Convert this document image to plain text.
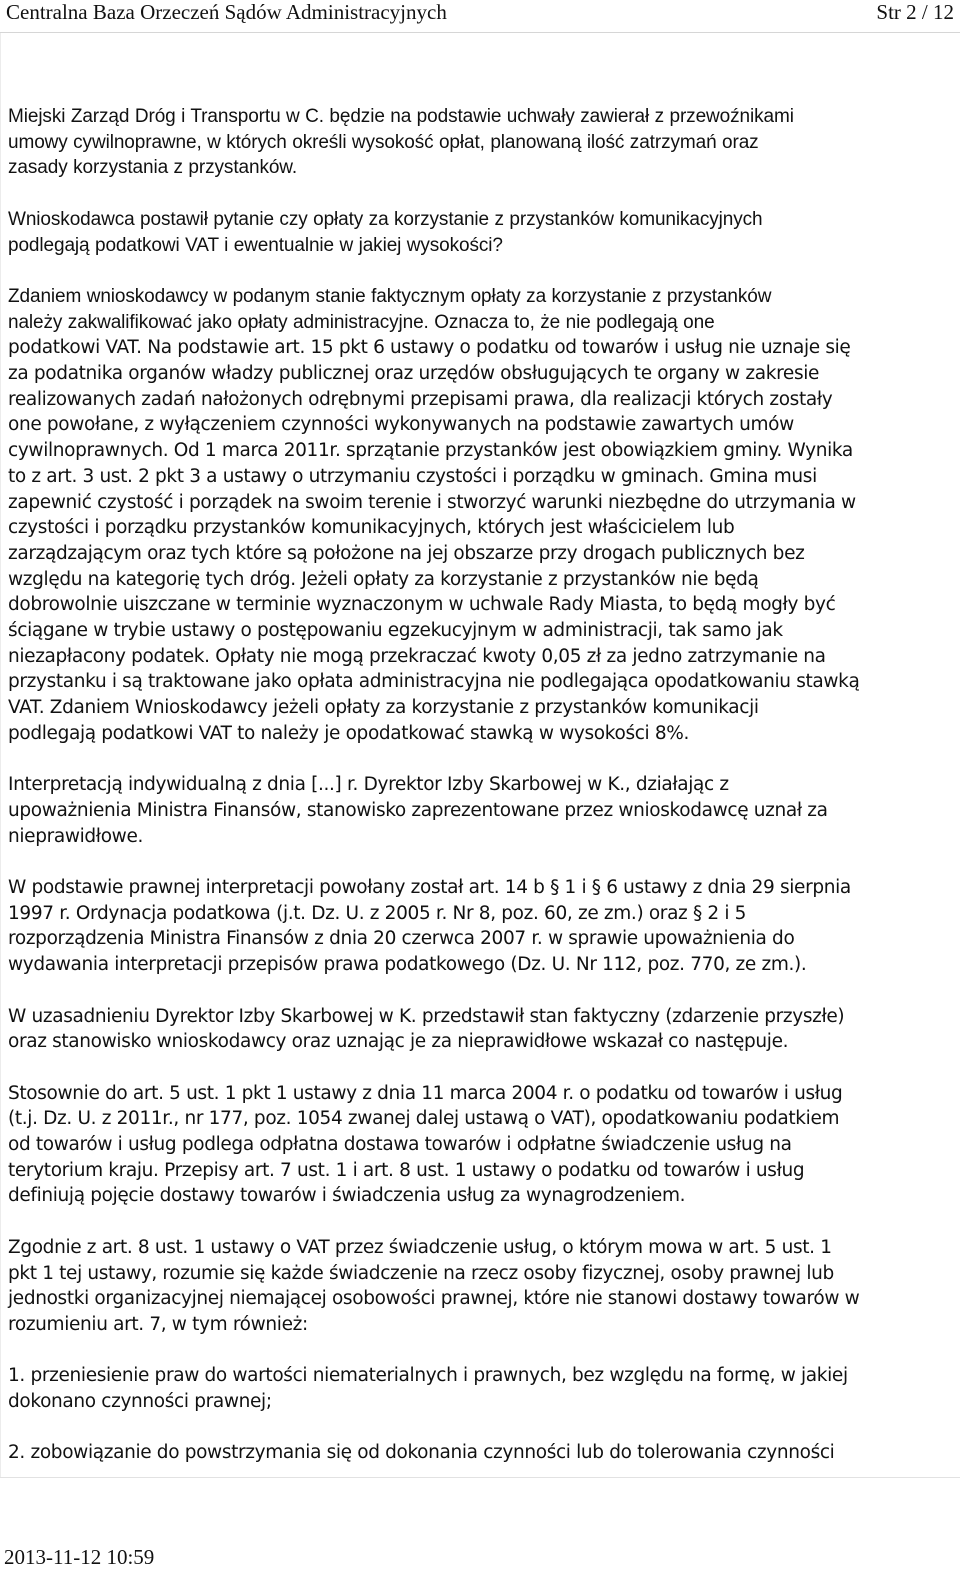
Centralna Baza Orzeczeń Sądów Administracyjnych	Str 2 / 12
Miejski Zarząd Dróg i Transportu w C. będzie na podstawie uchwały zawierał z przewoźnikami
umowy cywilnoprawne, w których określi wysokość opłat, planowaną ilość zatrzymań oraz
zasady korzystania z przystanków.
Wnioskodawca postawił pytanie czy opłaty za korzystanie z przystanków komunikacyjnych
podlegają podatkowi VAT i ewentualnie w jakiej wysokości?
Zdaniem wnioskodawcy w podanym stanie faktycznym opłaty za korzystanie z przystanków
należy zakwalifikować jako opłaty administracyjne. Oznacza to, że nie podlegają one
podatkowi VAT. Na podstawie art. 15 pkt 6 ustawy o podatku od towarów i usług nie uznaje się
za podatnika organów władzy publicznej oraz urzędów obsługujących te organy w zakresie
realizowanych zadań nałożonych odrębnymi przepisami prawa, dla realizacji których zostały
one powołane, z wyłączeniem czynności wykonywanych na podstawie zawartych umów
cywilnoprawnych. Od 1 marca 2011r. sprzątanie przystanków jest obowiązkiem gminy. Wynika
to z art. 3 ust. 2 pkt 3 a ustawy o utrzymaniu czystości i porządku w gminach. Gmina musi
zapewnić czystość i porządek na swoim terenie i stworzyć warunki niezbędne do utrzymania w
czystości i porządku przystanków komunikacyjnych, których jest właścicielem lub
zarządzającym oraz tych które są położone na jej obszarze przy drogach publicznych bez
względu na kategorię tych dróg. Jeżeli opłaty za korzystanie z przystanków nie będą
dobrowolnie uiszczane w terminie wyznaczonym w uchwale Rady Miasta, to będą mogły być
ściągane w trybie ustawy o postępowaniu egzekucyjnym w administracji, tak samo jak
niezapłacony podatek. Opłaty nie mogą przekraczać kwoty 0,05 zł za jedno zatrzymanie na
przystanku i są traktowane jako opłata administracyjna nie podlegająca opodatkowaniu stawką
VAT. Zdaniem Wnioskodawcy jeżeli opłaty za korzystanie z przystanków komunikacji
podlegają podatkowi VAT to należy je opodatkować stawką w wysokości 8%.
Interpretacją indywidualną z dnia [...] r. Dyrektor Izby Skarbowej w K., działając z
upoważnienia Ministra Finansów, stanowisko zaprezentowane przez wnioskodawcę uznał za
nieprawidłowe.
W podstawie prawnej interpretacji powołany został art. 14 b § 1 i § 6 ustawy z dnia 29 sierpnia
1997 r. Ordynacja podatkowa (j.t. Dz. U. z 2005 r. Nr 8, poz. 60, ze zm.) oraz § 2 i 5
rozporządzenia Ministra Finansów z dnia 20 czerwca 2007 r. w sprawie upoważnienia do
wydawania interpretacji przepisów prawa podatkowego (Dz. U. Nr 112, poz. 770, ze zm.).
W uzasadnieniu Dyrektor Izby Skarbowej w K. przedstawił stan faktyczny (zdarzenie przyszłe)
oraz stanowisko wnioskodawcy oraz uznając je za nieprawidłowe wskazał co następuje.
Stosownie do art. 5 ust. 1 pkt 1 ustawy z dnia 11 marca 2004 r. o podatku od towarów i usług
(t.j. Dz. U. z 2011r., nr 177, poz. 1054 zwanej dalej ustawą o VAT), opodatkowaniu podatkiem
od towarów i usług podlega odpłatna dostawa towarów i odpłatne świadczenie usług na
terytorium kraju. Przepisy art. 7 ust. 1 i art. 8 ust. 1 ustawy o podatku od towarów i usług
definiują pojęcie dostawy towarów i świadczenia usług za wynagrodzeniem.
Zgodnie z art. 8 ust. 1 ustawy o VAT przez świadczenie usług, o którym mowa w art. 5 ust. 1
pkt 1 tej ustawy, rozumie się każde świadczenie na rzecz osoby fizycznej, osoby prawnej lub
jednostki organizacyjnej niemającej osobowości prawnej, które nie stanowi dostawy towarów w
rozumieniu art. 7, w tym również:
1. przeniesienie praw do wartości niematerialnych i prawnych, bez względu na formę, w jakiej
dokonano czynności prawnej;
2. zobowiązanie do powstrzymania się od dokonania czynności lub do tolerowania czynności
2013-11-12 10:59
